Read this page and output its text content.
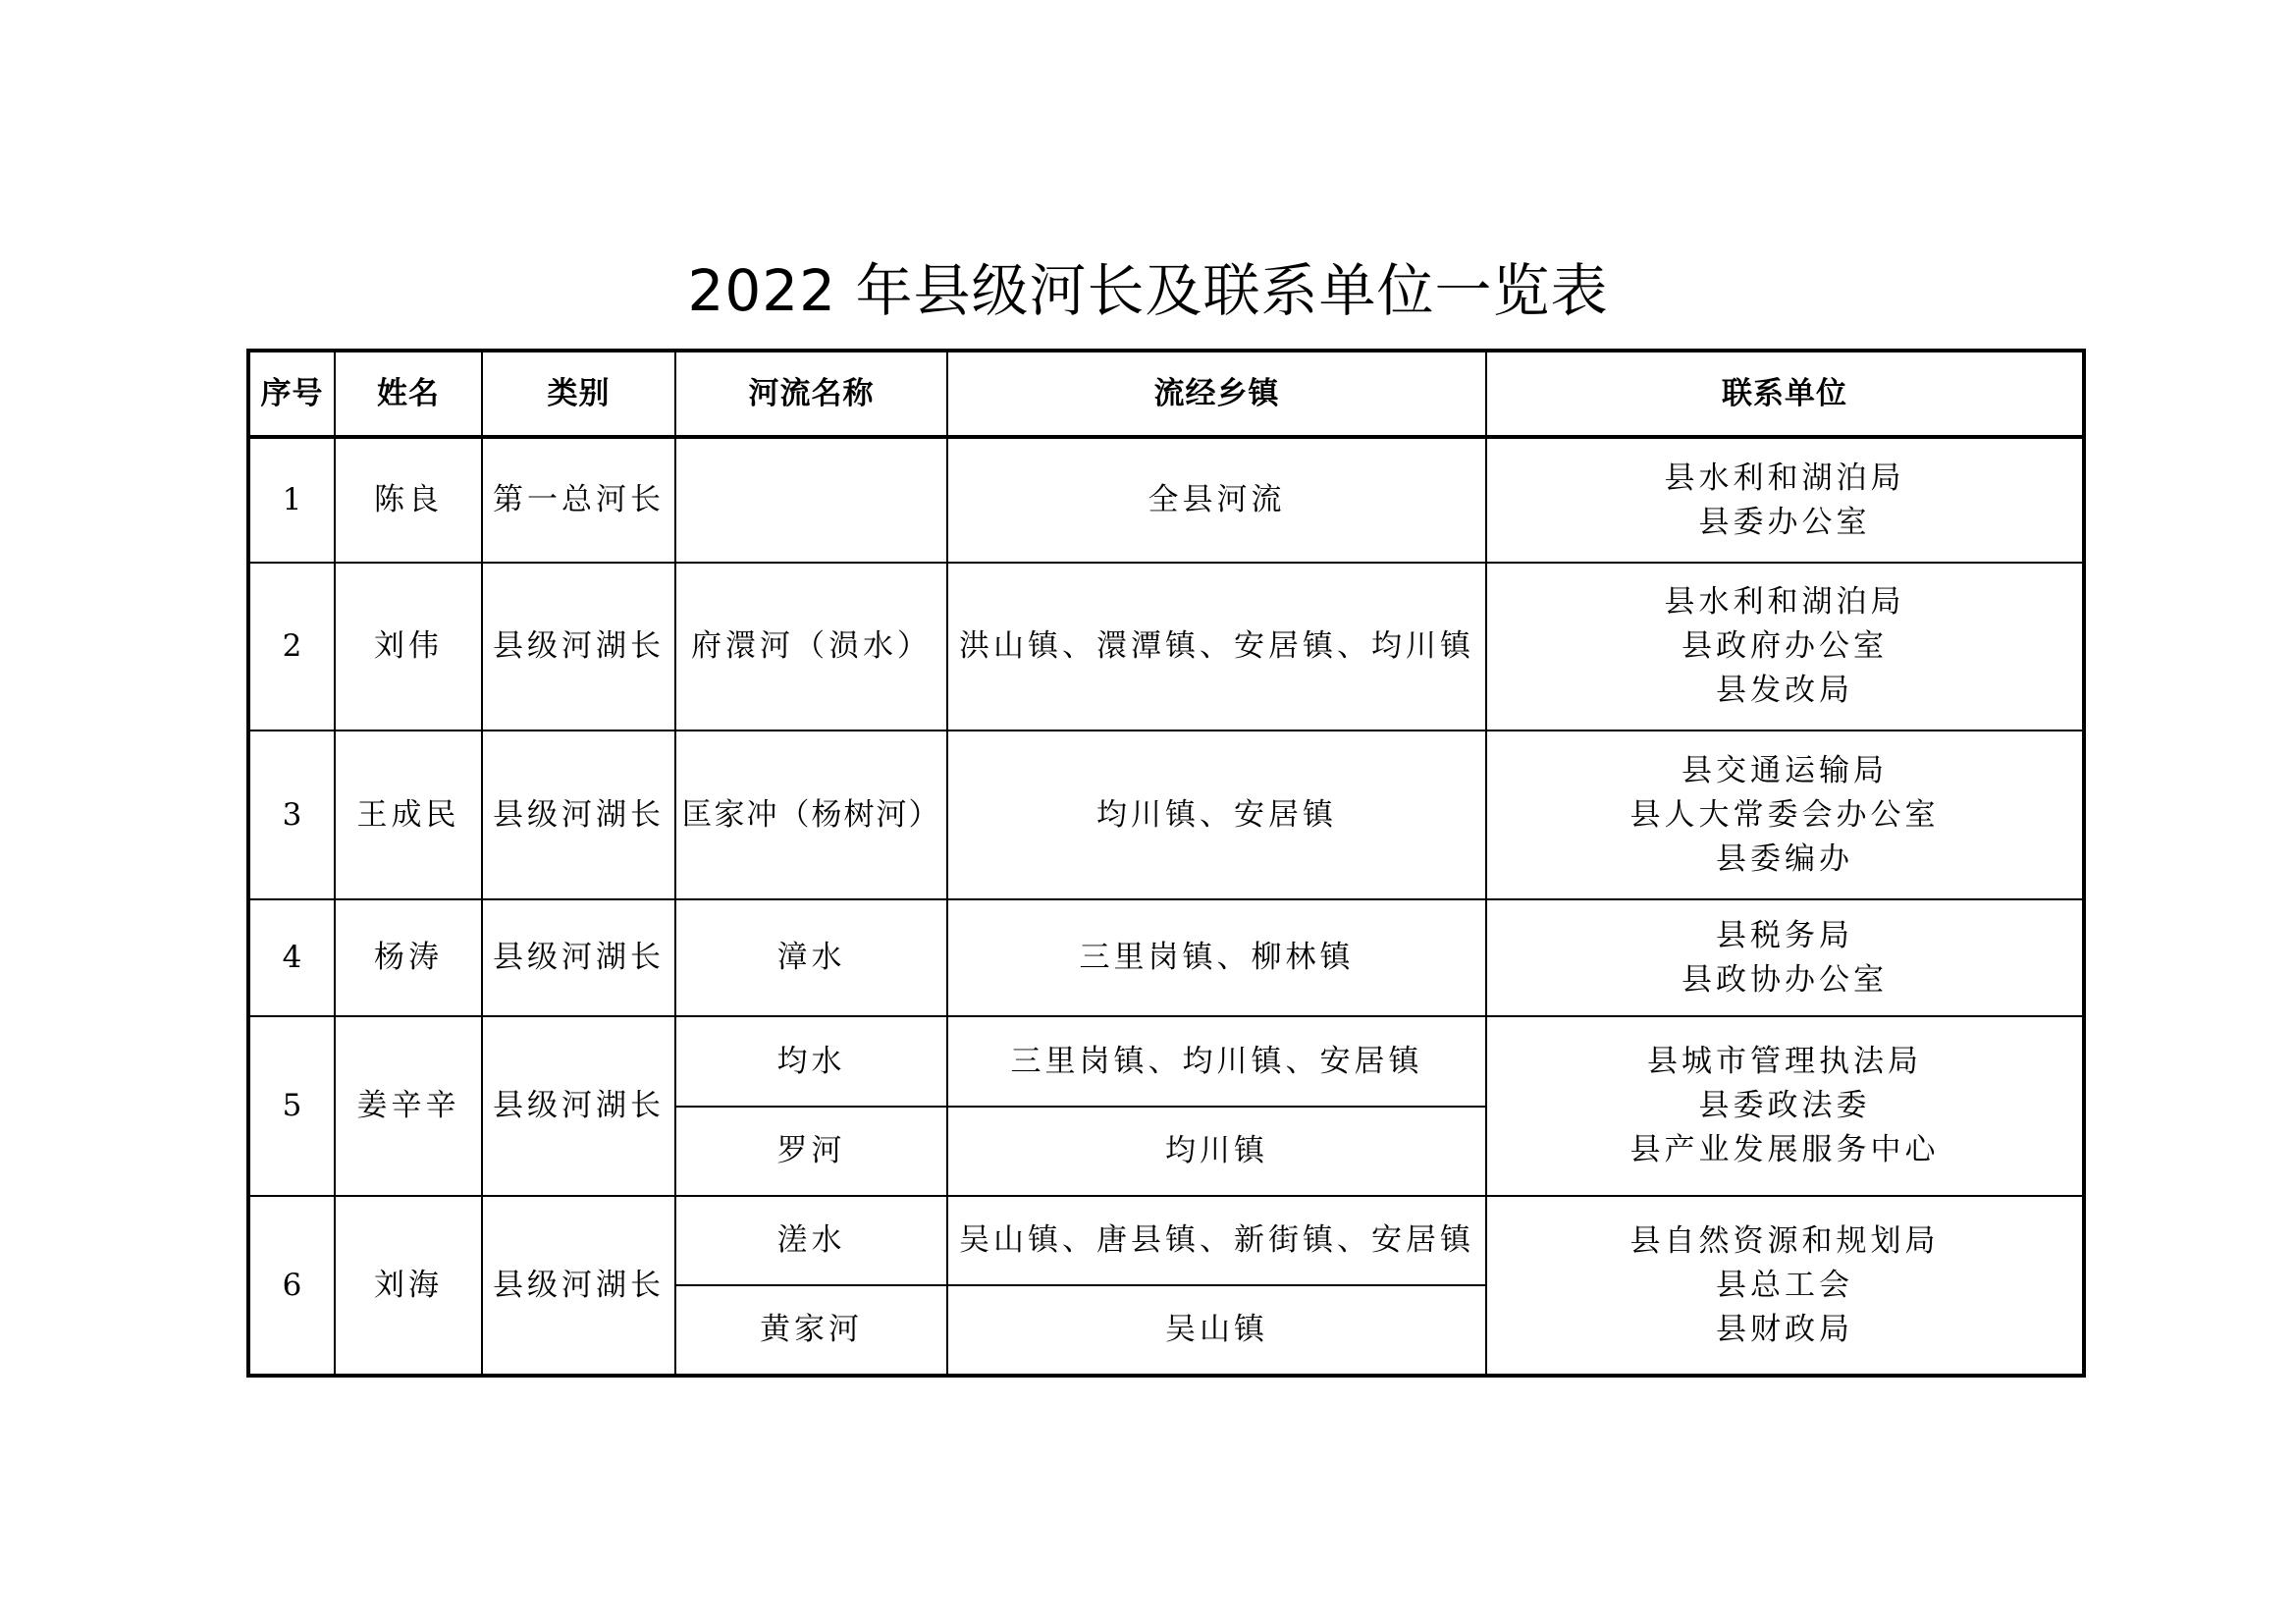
2022 年县级河长及联系单位一览表
序号	姓名	类别	河流名称	流经乡镇	联系单位
1	陈良	第一总河长		全县河流	县水利和湖泊局
县委办公室

2	刘伟	县级河湖长	府澴河（涢水）	洪山镇、澴潭镇、安居镇、均川镇	县水利和湖泊局
县政府办公室
县发改局

3	王成民	县级河湖长	匡家冲（杨树河）	均川镇、安居镇	县交通运输局
县人大常委会办公室
县委编办

4	杨涛	县级河湖长	漳水	三里岗镇、柳林镇	县税务局
县政协办公室

5	姜辛辛	县级河湖长	均水	三里岗镇、均川镇、安居镇	县城市管理执法局
县委政法委
县产业发展服务中心

			罗河	均川镇	
6	刘海	县级河湖长	溠水	吴山镇、唐县镇、新街镇、安居镇	县自然资源和规划局
县总工会
县财政局

			黄家河	吴山镇	
